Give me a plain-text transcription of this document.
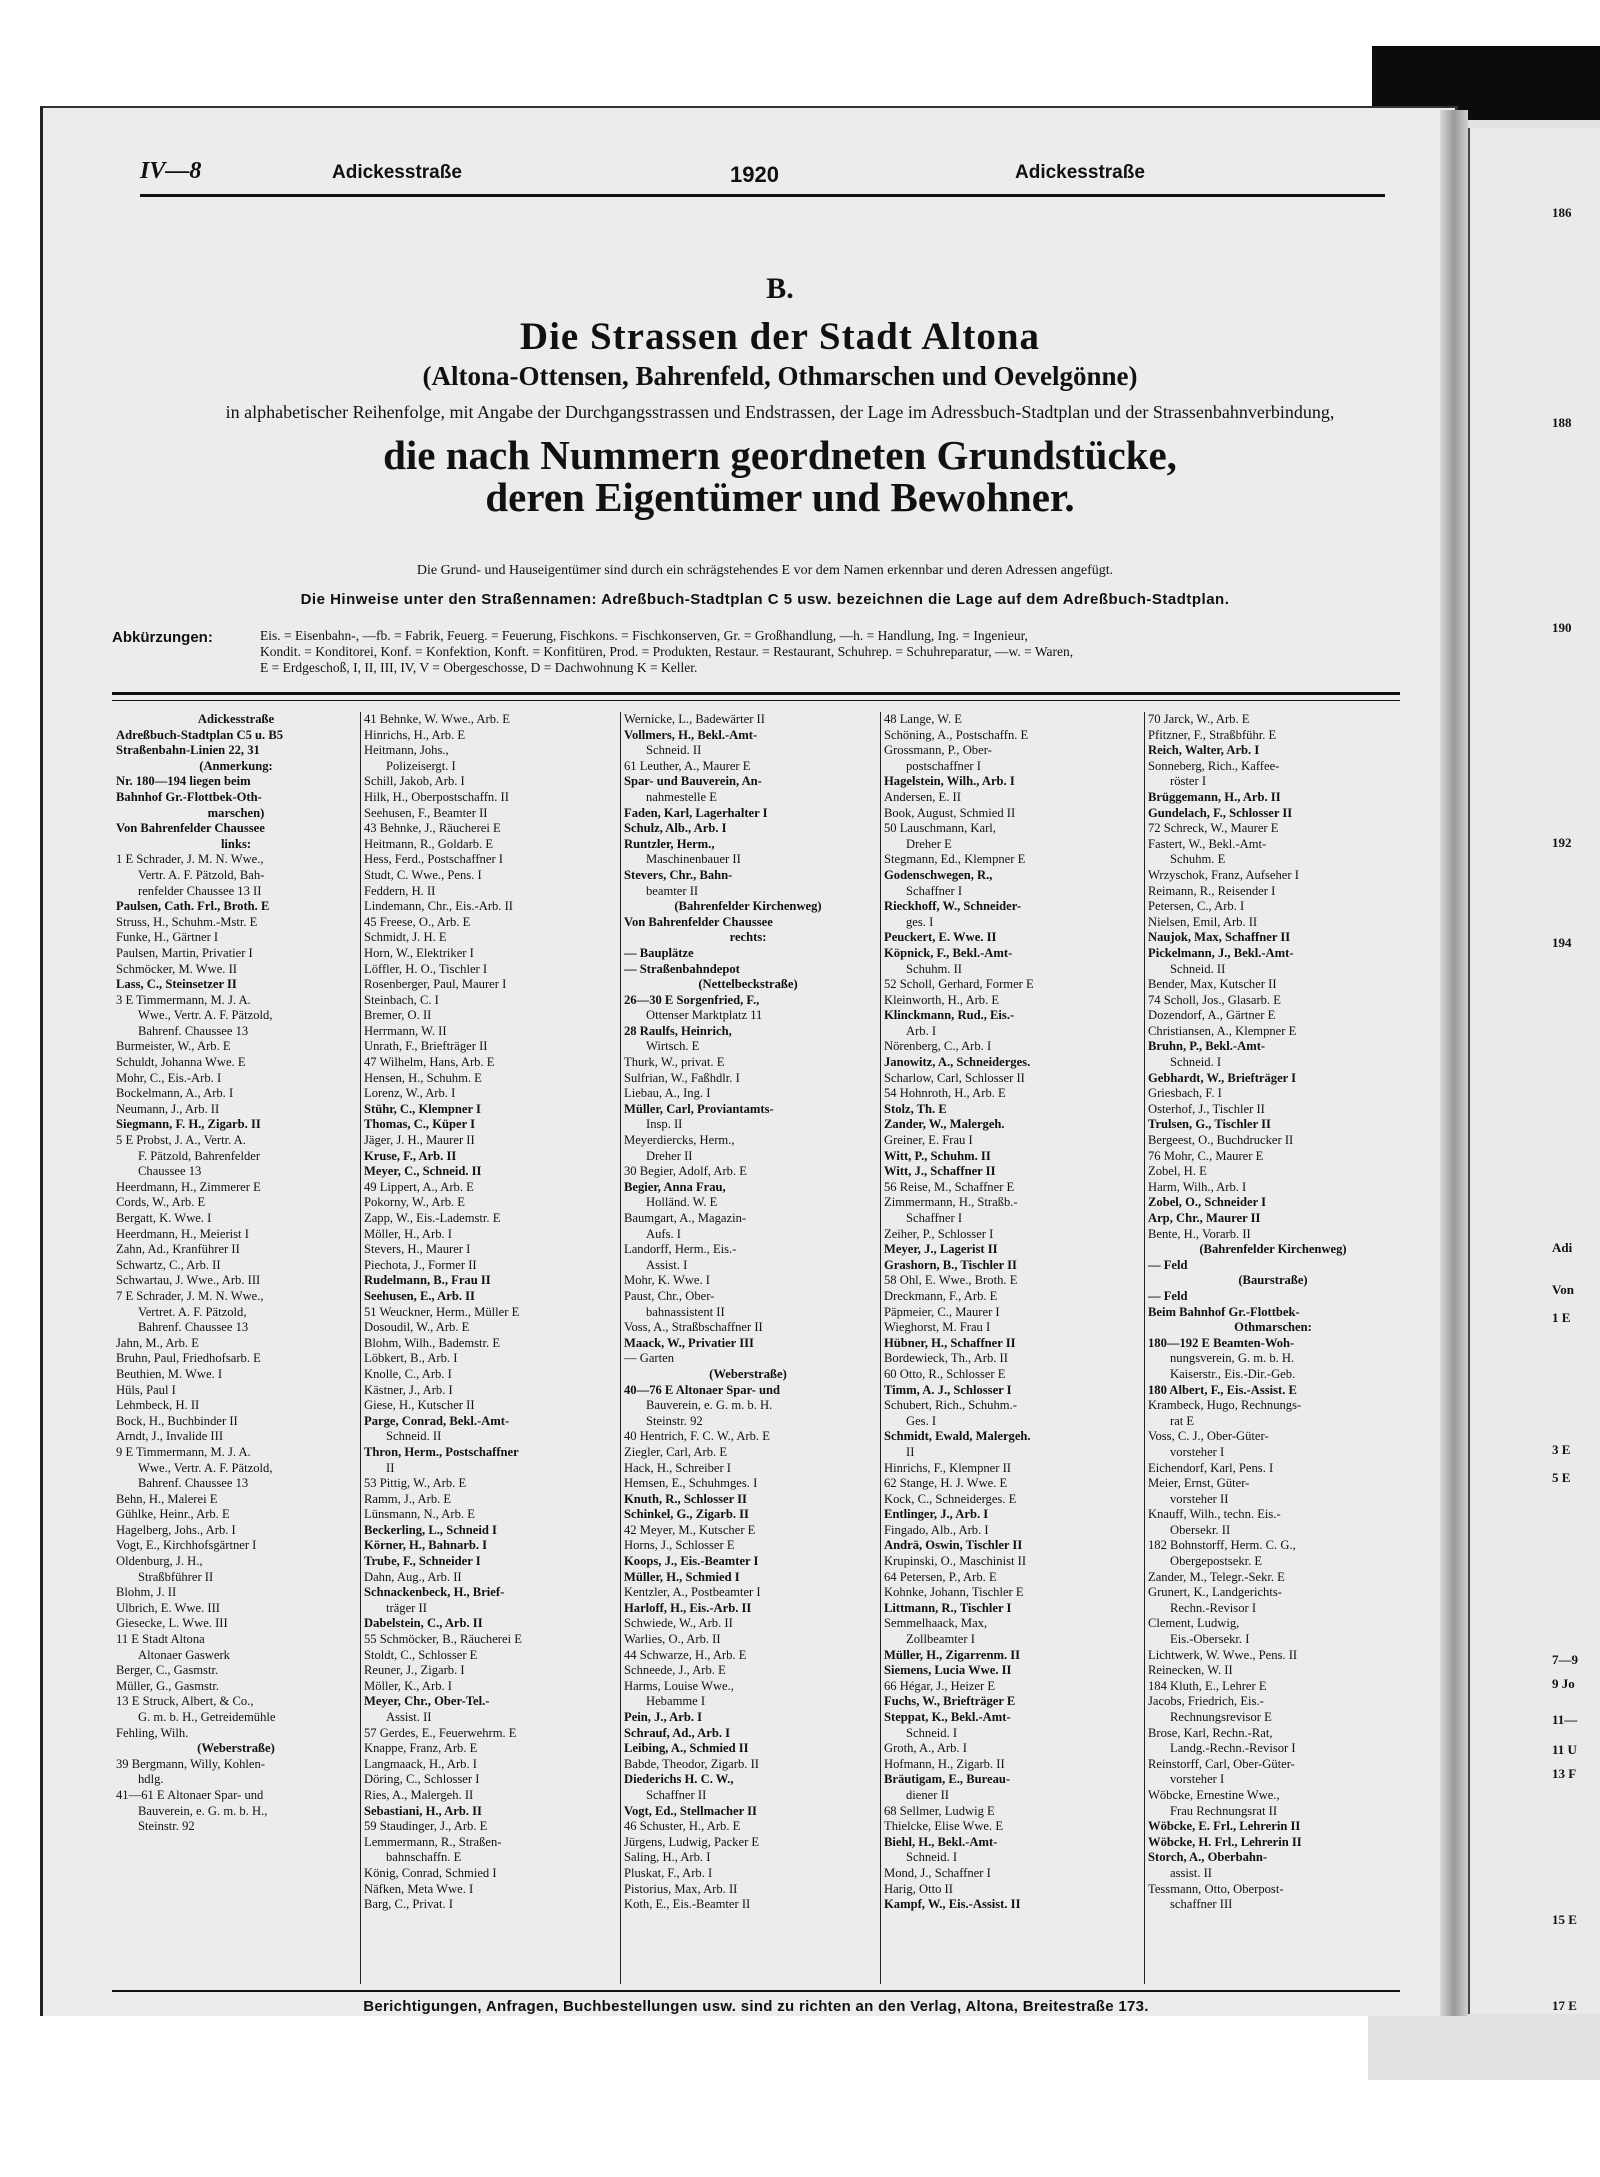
IV—8	Adickesstraße	1920	Adickesstraße
B.
Die Strassen der Stadt Altona
(Altona-Ottensen, Bahrenfeld, Othmarschen und Oevelgönne)
in alphabetischer Reihenfolge, mit Angabe der Durchgangsstrassen und Endstrassen, der Lage im Adressbuch-Stadtplan und der Strassenbahnverbindung,
die nach Nummern geordneten Grundstücke,
deren Eigentümer und Bewohner.
Die Grund- und Hauseigentümer sind durch ein schrägstehendes E vor dem Namen erkennbar und deren Adressen angefügt.
Die Hinweise unter den Straßennamen: Adreßbuch-Stadtplan C 5 usw. bezeichnen die Lage auf dem Adreßbuch-Stadtplan.
Abkürzungen:	Eis. = Eisenbahn-, —fb. = Fabrik, Feuerg. = Feuerung, Fischkons. = Fischkonserven, Gr. = Großhandlung, —h. = Handlung, Ing. = Ingenieur,
Kondit. = Konditorei, Konf. = Konfektion, Konft. = Konfitüren, Prod. = Produkten, Restaur. = Restaurant, Schuhrep. = Schuhreparatur, —w. = Waren,
E = Erdgeschoß, I, II, III, IV, V = Obergeschosse, D = Dachwohnung K = Keller.
Adickesstraße
Adreßbuch-Stadtplan C5 u. B5
Straßenbahn-Linien 22, 31
(Anmerkung:
Nr. 180—194 liegen beim
Bahnhof Gr.-Flottbek-Oth-
marschen)
Von Bahrenfelder Chaussee
links:
1 E Schrader, J. M. N. Wwe.,
Vertr. A. F. Pätzold, Bah-
renfelder Chaussee 13 II
Paulsen, Cath. Frl., Broth. E
Struss, H., Schuhm.-Mstr. E
Funke, H., Gärtner I
Paulsen, Martin, Privatier I
Schmöcker, M. Wwe. II
Lass, C., Steinsetzer II
3 E Timmermann, M. J. A.
Wwe., Vertr. A. F. Pätzold,
Bahrenf. Chaussee 13
Burmeister, W., Arb. E
Schuldt, Johanna Wwe. E
Mohr, C., Eis.-Arb. I
Bockelmann, A., Arb. I
Neumann, J., Arb. II
Siegmann, F. H., Zigarb. II
5 E Probst, J. A., Vertr. A.
F. Pätzold, Bahrenfelder
Chaussee 13
Heerdmann, H., Zimmerer E
Cords, W., Arb. E
Bergatt, K. Wwe. I
Heerdmann, H., Meierist I
Zahn, Ad., Kranführer II
Schwartz, C., Arb. II
Schwartau, J. Wwe., Arb. III
7 E Schrader, J. M. N. Wwe.,
Vertret. A. F. Pätzold,
Bahrenf. Chaussee 13
Jahn, M., Arb. E
Bruhn, Paul, Friedhofsarb. E
Beuthien, M. Wwe. I
Hüls, Paul I
Lehmbeck, H. II
Bock, H., Buchbinder II
Arndt, J., Invalide III
9 E Timmermann, M. J. A.
Wwe., Vertr. A. F. Pätzold,
Bahrenf. Chaussee 13
Behn, H., Malerei E
Gühlke, Heinr., Arb. E
Hagelberg, Johs., Arb. I
Vogt, E., Kirchhofsgärtner I
Oldenburg, J. H.,
Straßbführer II
Blohm, J. II
Ulbrich, E. Wwe. III
Giesecke, L. Wwe. III
11 E Stadt Altona
Altonaer Gaswerk
Berger, C., Gasmstr.
Müller, G., Gasmstr.
13 E Struck, Albert, & Co.,
G. m. b. H., Getreidemühle
Fehling, Wilh.
(Weberstraße)
39 Bergmann, Willy, Kohlen-
hdlg.
41—61 E Altonaer Spar- und
Bauverein, e. G. m. b. H.,
Steinstr. 92
41 Behnke, W. Wwe., Arb. E
Hinrichs, H., Arb. E
Heitmann, Johs.,
Polizeisergt. I
Schill, Jakob, Arb. I
Hilk, H., Oberpostschaffn. II
Seehusen, F., Beamter II
43 Behnke, J., Räucherei E
Heitmann, R., Goldarb. E
Hess, Ferd., Postschaffner I
Studt, C. Wwe., Pens. I
Feddern, H. II
Lindemann, Chr., Eis.-Arb. II
45 Freese, O., Arb. E
Schmidt, J. H. E
Horn, W., Elektriker I
Löffler, H. O., Tischler I
Rosenberger, Paul, Maurer I
Steinbach, C. I
Bremer, O. II
Herrmann, W. II
Unrath, F., Briefträger II
47 Wilhelm, Hans, Arb. E
Hensen, H., Schuhm. E
Lorenz, W., Arb. I
Stühr, C., Klempner I
Thomas, C., Küper I
Jäger, J. H., Maurer II
Kruse, F., Arb. II
Meyer, C., Schneid. II
49 Lippert, A., Arb. E
Pokorny, W., Arb. E
Zapp, W., Eis.-Lademstr. E
Möller, H., Arb. I
Stevers, H., Maurer I
Piechota, J., Former II
Rudelmann, B., Frau II
Seehusen, E., Arb. II
51 Weuckner, Herm., Müller E
Dosoudil, W., Arb. E
Blohm, Wilh., Bademstr. E
Löbkert, B., Arb. I
Knolle, C., Arb. I
Kästner, J., Arb. I
Giese, H., Kutscher II
Parge, Conrad, Bekl.-Amt-
Schneid. II
Thron, Herm., Postschaffner
II
53 Pittig, W., Arb. E
Ramm, J., Arb. E
Lünsmann, N., Arb. E
Beckerling, L., Schneid I
Körner, H., Bahnarb. I
Trube, F., Schneider I
Dahn, Aug., Arb. II
Schnackenbeck, H., Brief-
träger II
Dabelstein, C., Arb. II
55 Schmöcker, B., Räucherei E
Stoldt, C., Schlosser E
Reuner, J., Zigarb. I
Möller, K., Arb. I
Meyer, Chr., Ober-Tel.-
Assist. II
57 Gerdes, E., Feuerwehrm. E
Knappe, Franz, Arb. E
Langmaack, H., Arb. I
Döring, C., Schlosser I
Ries, A., Malergeh. II
Sebastiani, H., Arb. II
59 Staudinger, J., Arb. E
Lemmermann, R., Straßen-
bahnschaffn. E
König, Conrad, Schmied I
Näfken, Meta Wwe. I
Barg, C., Privat. I
Wernicke, L., Badewärter II
Vollmers, H., Bekl.-Amt-
Schneid. II
61 Leuther, A., Maurer E
Spar- und Bauverein, An-
nahmestelle E
Faden, Karl, Lagerhalter I
Schulz, Alb., Arb. I
Runtzler, Herm.,
Maschinenbauer II
Stevers, Chr., Bahn-
beamter II
(Bahrenfelder Kirchenweg)
Von Bahrenfelder Chaussee
rechts:
— Bauplätze
— Straßenbahndepot
(Nettelbeckstraße)
26—30 E Sorgenfried, F.,
Ottenser Marktplatz 11
28 Raulfs, Heinrich,
Wirtsch. E
Thurk, W., privat. E
Sulfrian, W., Faßhdlr. I
Liebau, A., Ing. I
Müller, Carl, Proviantamts-
Insp. II
Meyerdiercks, Herm.,
Dreher II
30 Begier, Adolf, Arb. E
Begier, Anna Frau,
Holländ. W. E
Baumgart, A., Magazin-
Aufs. I
Landorff, Herm., Eis.-
Assist. I
Mohr, K. Wwe. I
Paust, Chr., Ober-
bahnassistent II
Voss, A., Straßbschaffner II
Maack, W., Privatier III
— Garten
(Weberstraße)
40—76 E Altonaer Spar- und
Bauverein, e. G. m. b. H.
Steinstr. 92
40 Hentrich, F. C. W., Arb. E
Ziegler, Carl, Arb. E
Hack, H., Schreiber I
Hemsen, E., Schuhmges. I
Knuth, R., Schlosser II
Schinkel, G., Zigarb. II
42 Meyer, M., Kutscher E
Horns, J., Schlosser E
Koops, J., Eis.-Beamter I
Müller, H., Schmied I
Kentzler, A., Postbeamter I
Harloff, H., Eis.-Arb. II
Schwiede, W., Arb. II
Warlies, O., Arb. II
44 Schwarze, H., Arb. E
Schneede, J., Arb. E
Harms, Louise Wwe.,
Hebamme I
Pein, J., Arb. I
Schrauf, Ad., Arb. I
Leibing, A., Schmied II
Babde, Theodor, Zigarb. II
Diederichs H. C. W.,
Schaffner II
Vogt, Ed., Stellmacher II
46 Schuster, H., Arb. E
Jürgens, Ludwig, Packer E
Saling, H., Arb. I
Pluskat, F., Arb. I
Pistorius, Max, Arb. II
Koth, E., Eis.-Beamter II
48 Lange, W. E
Schöning, A., Postschaffn. E
Grossmann, P., Ober-
postschaffner I
Hagelstein, Wilh., Arb. I
Andersen, E. II
Book, August, Schmied II
50 Lauschmann, Karl,
Dreher E
Stegmann, Ed., Klempner E
Godenschwegen, R.,
Schaffner I
Rieckhoff, W., Schneider-
ges. I
Peuckert, E. Wwe. II
Köpnick, F., Bekl.-Amt-
Schuhm. II
52 Scholl, Gerhard, Former E
Kleinworth, H., Arb. E
Klinckmann, Rud., Eis.-
Arb. I
Nörenberg, C., Arb. I
Janowitz, A., Schneiderges.
Scharlow, Carl, Schlosser II
54 Hohnroth, H., Arb. E
Stolz, Th. E
Zander, W., Malergeh.
Greiner, E. Frau I
Witt, P., Schuhm. II
Witt, J., Schaffner II
56 Reise, M., Schaffner E
Zimmermann, H., Straßb.-
Schaffner I
Zeiher, P., Schlosser I
Meyer, J., Lagerist II
Grashorn, B., Tischler II
58 Ohl, E. Wwe., Broth. E
Dreckmann, F., Arb. E
Päpmeier, C., Maurer I
Wieghorst, M. Frau I
Hübner, H., Schaffner II
Bordewieck, Th., Arb. II
60 Otto, R., Schlosser E
Timm, A. J., Schlosser I
Schubert, Rich., Schuhm.-
Ges. I
Schmidt, Ewald, Malergeh.
II
Hinrichs, F., Klempner II
62 Stange, H. J. Wwe. E
Kock, C., Schneiderges. E
Entlinger, J., Arb. I
Fingado, Alb., Arb. I
Andrä, Oswin, Tischler II
Krupinski, O., Maschinist II
64 Petersen, P., Arb. E
Kohnke, Johann, Tischler E
Littmann, R., Tischler I
Semmelhaack, Max,
Zollbeamter I
Müller, H., Zigarrenm. II
Siemens, Lucia Wwe. II
66 Hégar, J., Heizer E
Fuchs, W., Briefträger E
Steppat, K., Bekl.-Amt-
Schneid. I
Groth, A., Arb. I
Hofmann, H., Zigarb. II
Bräutigam, E., Bureau-
diener II
68 Sellmer, Ludwig E
Thielcke, Elise Wwe. E
Biehl, H., Bekl.-Amt-
Schneid. I
Mond, J., Schaffner I
Harig, Otto II
Kampf, W., Eis.-Assist. II
70 Jarck, W., Arb. E
Pfitzner, F., Straßbführ. E
Reich, Walter, Arb. I
Sonneberg, Rich., Kaffee-
röster I
Brüggemann, H., Arb. II
Gundelach, F., Schlosser II
72 Schreck, W., Maurer E
Fastert, W., Bekl.-Amt-
Schuhm. E
Wrzyschok, Franz, Aufseher I
Reimann, R., Reisender I
Petersen, C., Arb. I
Nielsen, Emil, Arb. II
Naujok, Max, Schaffner II
Pickelmann, J., Bekl.-Amt-
Schneid. II
Bender, Max, Kutscher II
74 Scholl, Jos., Glasarb. E
Dozendorf, A., Gärtner E
Christiansen, A., Klempner E
Bruhn, P., Bekl.-Amt-
Schneid. I
Gebhardt, W., Briefträger I
Griesbach, F. I
Osterhof, J., Tischler II
Trulsen, G., Tischler II
Bergeest, O., Buchdrucker II
76 Mohr, C., Maurer E
Zobel, H. E
Harm, Wilh., Arb. I
Zobel, O., Schneider I
Arp, Chr., Maurer II
Bente, H., Vorarb. II
(Bahrenfelder Kirchenweg)
— Feld
(Baurstraße)
— Feld
Beim Bahnhof Gr.-Flottbek-
Othmarschen:
180—192 E Beamten-Woh-
nungsverein, G. m. b. H.
Kaiserstr., Eis.-Dir.-Geb.
180 Albert, F., Eis.-Assist. E
Krambeck, Hugo, Rechnungs-
rat E
Voss, C. J., Ober-Güter-
vorsteher I
Eichendorf, Karl, Pens. I
Meier, Ernst, Güter-
vorsteher II
Knauff, Wilh., techn. Eis.-
Obersekr. II
182 Bohnstorff, Herm. C. G.,
Obergepostsekr. E
Zander, M., Telegr.-Sekr. E
Grunert, K., Landgerichts-
Rechn.-Revisor I
Clement, Ludwig,
Eis.-Obersekr. I
Lichtwerk, W. Wwe., Pens. II
Reinecken, W. II
184 Kluth, E., Lehrer E
Jacobs, Friedrich, Eis.-
Rechnungsrevisor E
Brose, Karl, Rechn.-Rat,
Landg.-Rechn.-Revisor I
Reinstorff, Carl, Ober-Güter-
vorsteher I
Wöbcke, Ernestine Wwe.,
Frau Rechnungsrat II
Wöbcke, E. Frl., Lehrerin II
Wöbcke, H. Frl., Lehrerin II
Storch, A., Oberbahn-
assist. II
Tessmann, Otto, Oberpost-
schaffner III
Berichtigungen, Anfragen, Buchbestellungen usw. sind zu richten an den Verlag, Altona, Breitestraße 173.
186
188
190
192
194
Adi
Von
1 E
3 E
5 E
7—9
9 Jo
11—
11 U
13 F
15 E
17 E
